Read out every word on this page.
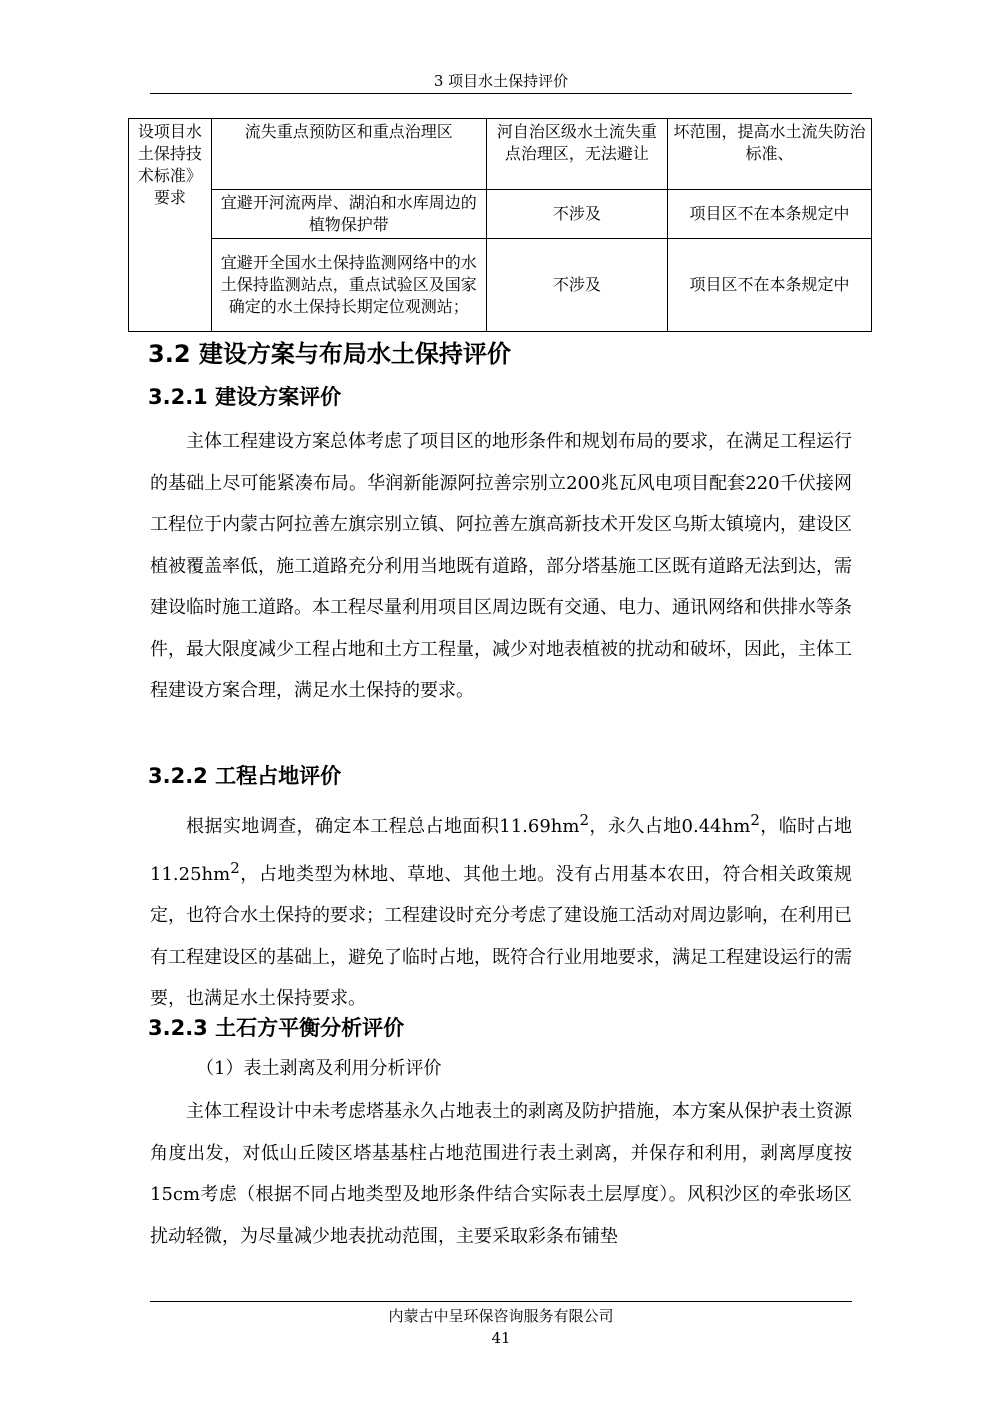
3 项目水土保持评价
设项目水土保持技术标准》要求	流失重点预防区和重点治理区	河自治区级水土流失重点治理区，无法避让	坏范围，提高水土流失防治标准、
	宜避开河流两岸、湖泊和水库周边的植物保护带	不涉及	项目区不在本条规定中
	宜避开全国水土保持监测网络中的水土保持监测站点，重点试验区及国家确定的水土保持长期定位观测站；	不涉及	项目区不在本条规定中
3.2 建设方案与布局水土保持评价
3.2.1 建设方案评价

主体工程建设方案总体考虑了项目区的地形条件和规划布局的要求，在满足工程运行的基础上尽可能紧凑布局。华润新能源阿拉善宗别立200兆瓦风电项目配套220千伏接网工程位于内蒙古阿拉善左旗宗别立镇、阿拉善左旗高新技术开发区乌斯太镇境内，建设区植被覆盖率低，施工道路充分利用当地既有道路，部分塔基施工区既有道路无法到达，需建设临时施工道路。本工程尽量利用项目区周边既有交通、电力、通讯网络和供排水等条件，最大限度减少工程占地和土方工程量，减少对地表植被的扰动和破坏，因此，主体工程建设方案合理，满足水土保持的要求。

3.2.2 工程占地评价

根据实地调查，确定本工程总占地面积$11.69hm^2$，永久占地$0.44hm^2$，临时占地$11.25hm^2$，占地类型为林地、草地、其他土地。没有占用基本农田，符合相关政策规定，也符合水土保持的要求；工程建设时充分考虑了建设施工活动对周边影响，在利用已有工程建设区的基础上，避免了临时占地，既符合行业用地要求，满足工程建设运行的需要，也满足水土保持要求。

3.2.3 土石方平衡分析评价
（1）表土剥离及利用分析评价

主体工程设计中未考虑塔基永久占地表土的剥离及防护措施，本方案从保护表土资源角度出发，对低山丘陵区塔基基柱占地范围进行表土剥离，并保存和利用，剥离厚度按15cm考虑（根据不同占地类型及地形条件结合实际表土层厚度）。风积沙区的牵张场区扰动轻微，为尽量减少地表扰动范围，主要采取彩条布铺垫

内蒙古中呈环保咨询服务有限公司
41
